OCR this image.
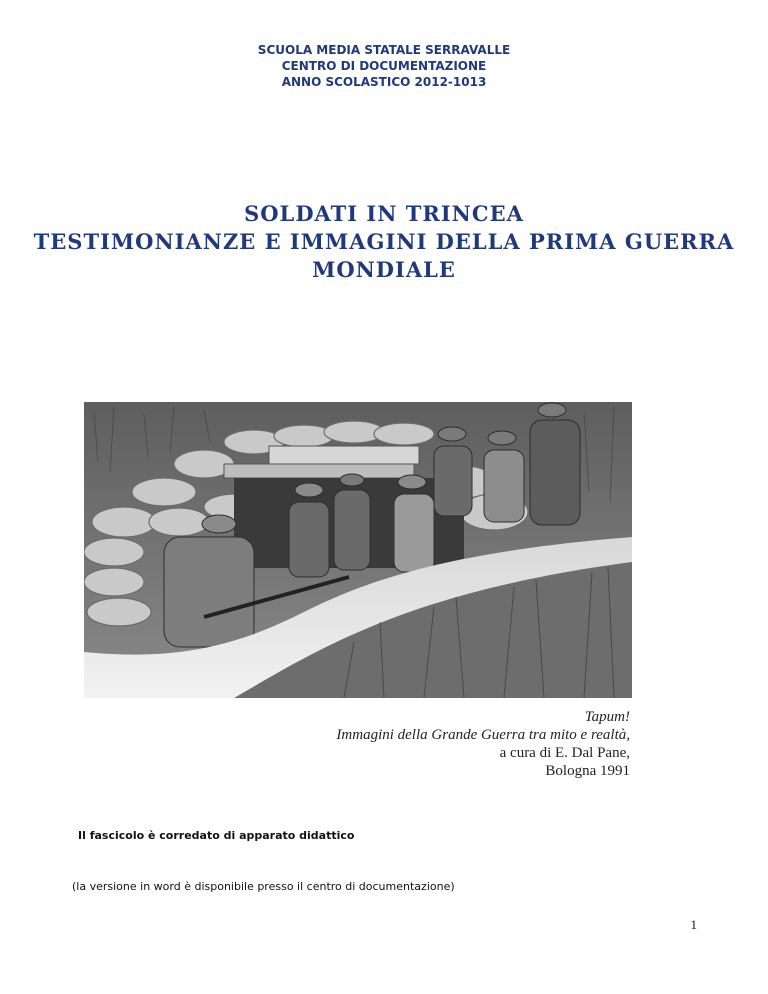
SCUOLA MEDIA STATALE SERRAVALLE
CENTRO DI DOCUMENTAZIONE
ANNO SCOLASTICO 2012-1013
SOLDATI IN TRINCEA
TESTIMONIANZE E IMMAGINI DELLA PRIMA GUERRA
MONDIALE
Tapum!
Immagini della Grande Guerra tra mito e realtà,
a cura di E. Dal Pane,
Bologna 1991
Il fascicolo è corredato di apparato didattico
(la versione in word è disponibile presso il centro di documentazione)
1
